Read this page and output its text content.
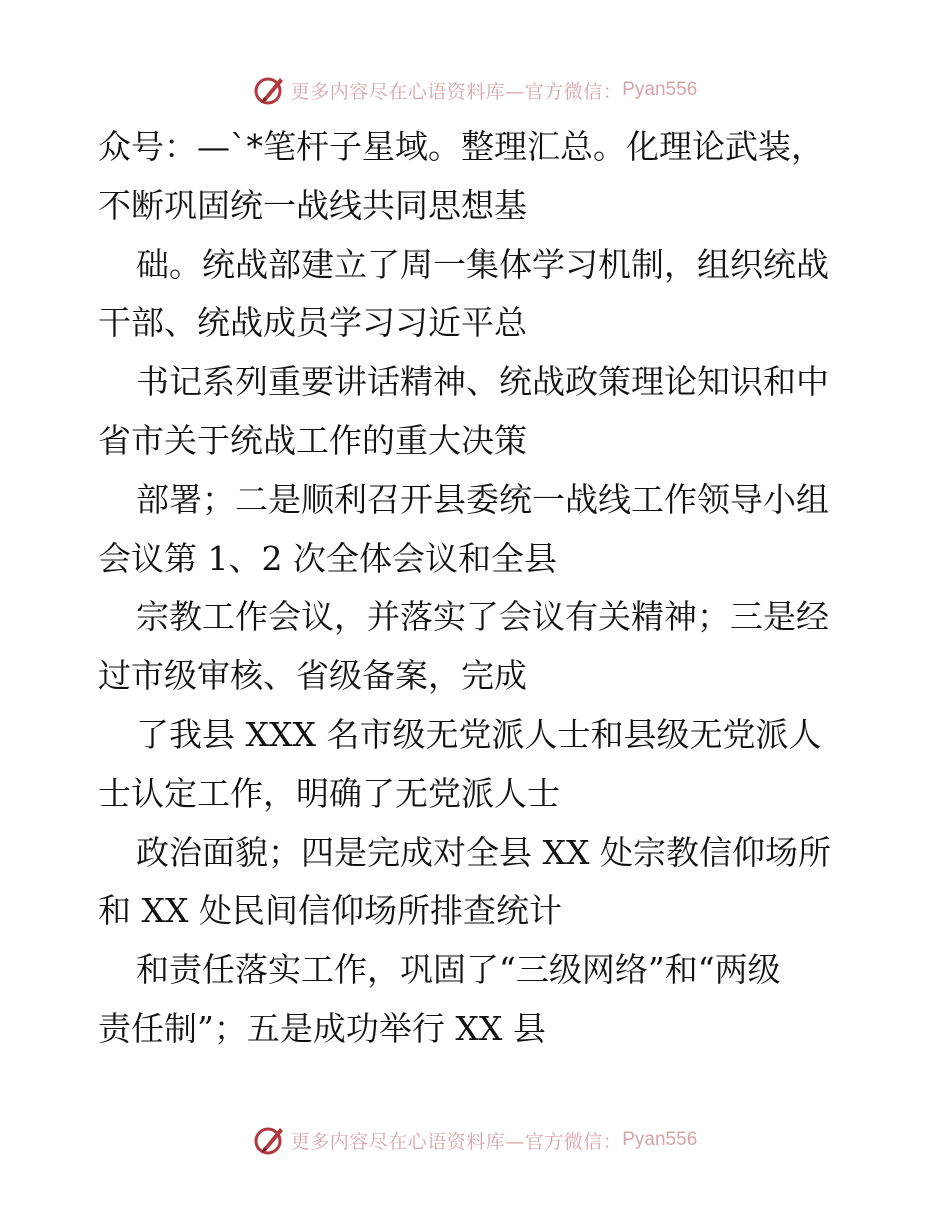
更多内容尽在心语资料库—官方微信： Pyan556
众号：—`*笔杆子星域。整理汇总。化理论武装，
不断巩固统一战线共同思想基
础。统战部建立了周一集体学习机制，组织统战
干部、统战成员学习习近平总
书记系列重要讲话精神、统战政策理论知识和中
省市关于统战工作的重大决策
部署；二是顺利召开县委统一战线工作领导小组
会议第 1、2 次全体会议和全县
宗教工作会议，并落实了会议有关精神；三是经
过市级审核、省级备案，完成
了我县 XXX 名市级无党派人士和县级无党派人
士认定工作，明确了无党派人士
政治面貌；四是完成对全县 XX 处宗教信仰场所
和 XX 处民间信仰场所排查统计
和责任落实工作，巩固了“三级网络”和“两级
责任制”；五是成功举行 XX 县
更多内容尽在心语资料库—官方微信： Pyan556
